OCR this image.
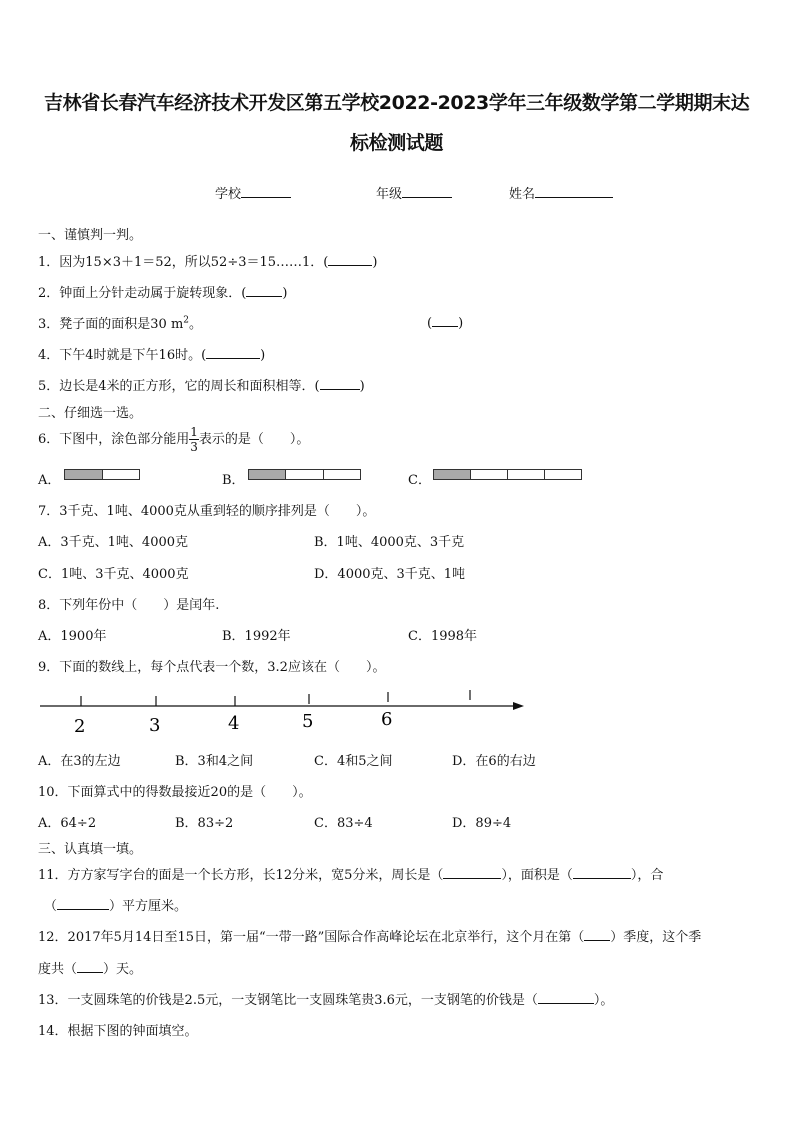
吉林省长春汽车经济技术开发区第五学校2022-2023学年三年级数学第二学期期末达
标检测试题
学校	年级	姓名
一、谨慎判一判。
1．因为15×3＋1＝52，所以52÷3＝15……1．(	)
2．钟面上分针走动属于旋转现象．(	)
3．凳子面的面积是30 $m^2$。	( )
4．下午4时就是下午16时。(	)
5．边长是4米的正方形，它的周长和面积相等．(	)
二、仔细选一选。
6．下图中，涂色部分能用 $\frac{1}{3}$ 表示的是（　　）。
A．	B．	C．
7．3千克、1吨、4000克从重到轻的顺序排列是（　　）。
A．3千克、1吨、4000克	B．1吨、4000克、3千克
C．1吨、3千克、4000克	D．4000克、3千克、1吨
8．下列年份中（　　）是闰年.
A．1900年	B．1992年	C．1998年
9．下面的数线上，每个点代表一个数，3.2应该在（　　）。
2	3	4	5	6
A．在3的左边	B．3和4之间	C．4和5之间	D．在6的右边
10．下面算式中的得数最接近20的是（　　）。
A．64÷2	B．83÷2	C．83÷4	D．89÷4
三、认真填一填。
11．方方家写字台的面是一个长方形，长12分米，宽5分米，周长是（	），面积是（	），合
（	）平方厘米。
12．2017年5月14日至15日，第一届“一带一路”国际合作高峰论坛在北京举行，这个月在第（ ）季度，这个季
度共（ ）天。
13．一支圆珠笔的价钱是2.5元，一支钢笔比一支圆珠笔贵3.6元，一支钢笔的价钱是（	）。
14．根据下图的钟面填空。
